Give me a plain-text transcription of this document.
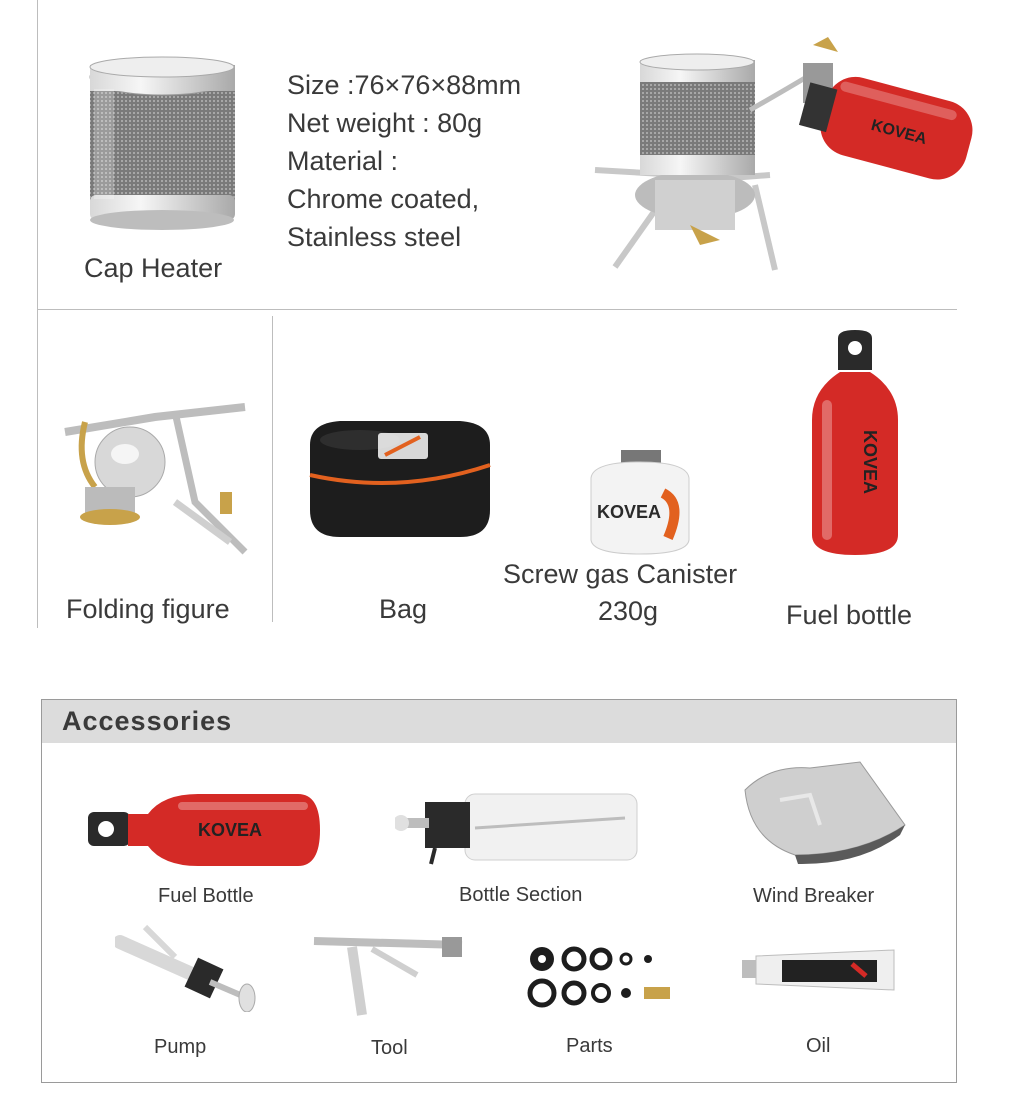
Cap Heater
Size :76×76×88mm
Net weight : 80g
Material :
Chrome coated,
Stainless steel
KOVEA
Folding figure	Bag
KOVEA
Screw gas Canister
230g
KOVEA
Fuel bottle
Accessories
KOVEA
Fuel Bottle	Bottle Section	Wind Breaker
Pump	Tool	Parts	Oil
